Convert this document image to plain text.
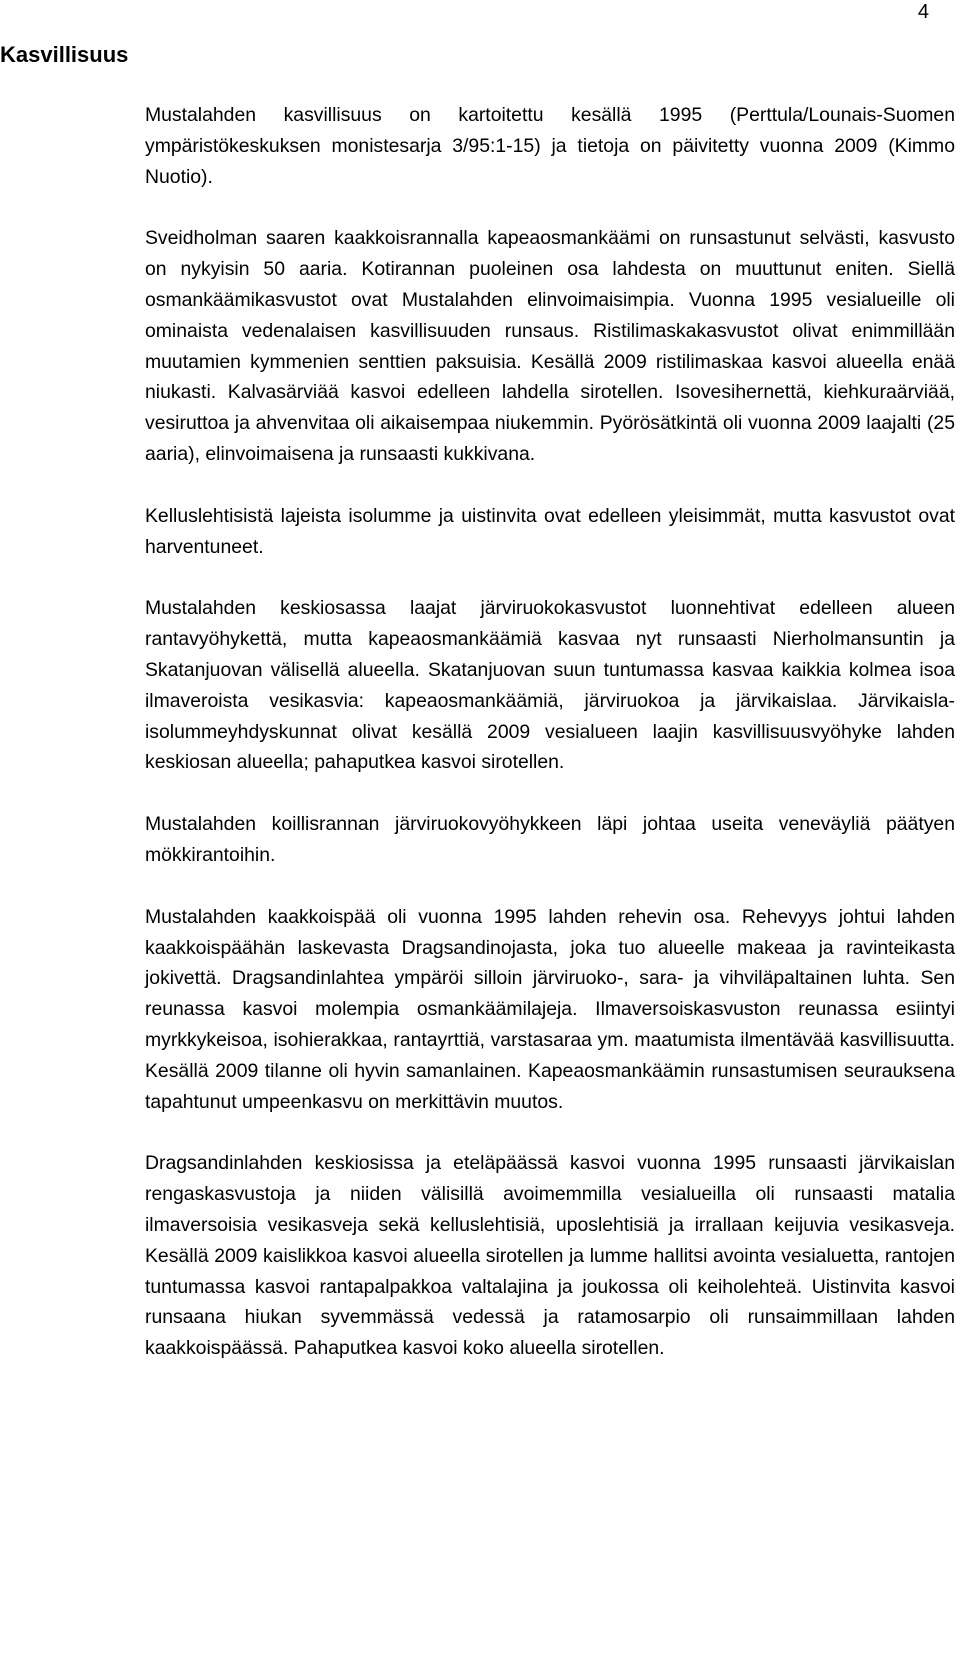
4
Kasvillisuus

Mustalahden kasvillisuus on kartoitettu kesällä 1995 (Perttula/Lounais-Suomen ympäristökeskuksen monistesarja 3/95:1-15) ja tietoja on päivitetty vuonna 2009 (Kimmo Nuotio).

Sveidholman saaren kaakkoisrannalla kapeaosmankäämi on runsastunut selvästi, kasvusto on nykyisin 50 aaria. Kotirannan puoleinen osa lahdesta on muuttunut eniten. Siellä osmankäämikasvustot ovat Mustalahden elinvoimaisimpia. Vuonna 1995 vesialueille oli ominaista vedenalaisen kasvillisuuden runsaus. Ristilimaskakasvustot olivat enimmillään muutamien kymmenien senttien paksuisia. Kesällä 2009 ristilimaskaa kasvoi alueella enää niukasti. Kalvasärviää kasvoi edelleen lahdella sirotellen. Isovesihernettä, kiehkuraärviää, vesiruttoa ja ahvenvitaa oli aikaisempaa niukemmin. Pyörösätkintä oli vuonna 2009 laajalti (25 aaria), elinvoimaisena ja runsaasti kukkivana.

Kelluslehtisistä lajeista isolumme ja uistinvita ovat edelleen yleisimmät, mutta kasvustot ovat harventuneet.

Mustalahden keskiosassa laajat järviruokokasvustot luonnehtivat edelleen alueen rantavyöhykettä, mutta kapeaosmankäämiä kasvaa nyt runsaasti Nierholmansuntin ja Skatanjuovan välisellä alueella. Skatanjuovan suun tuntumassa kasvaa kaikkia kolmea isoa ilmaveroista vesikasvia: kapeaosmankäämiä, järviruokoa ja järvikaislaa. Järvikaisla-isolummeyhdyskunnat olivat kesällä 2009 vesialueen laajin kasvillisuusvyöhyke lahden keskiosan alueella; pahaputkea kasvoi sirotellen.

Mustalahden koillisrannan järviruokovyöhykkeen läpi johtaa useita veneväyliä päätyen mökkirantoihin.

Mustalahden kaakkoispää oli vuonna 1995 lahden rehevin osa. Rehevyys johtui lahden kaakkoispäähän laskevasta Dragsandinojasta, joka tuo alueelle makeaa ja ravinteikasta jokivettä. Dragsandinlahtea ympäröi silloin järviruoko-, sara- ja vihviläpaltainen luhta. Sen reunassa kasvoi molempia osmankäämilajeja. Ilmaversoiskasvuston reunassa esiintyi myrkkykeisoa, isohierakkaa, rantayrttiä, varstasaraa ym. maatumista ilmentävää kasvillisuutta. Kesällä 2009 tilanne oli hyvin samanlainen. Kapeaosmankäämin runsastumisen seurauksena tapahtunut umpeenkasvu on merkittävin muutos.

Dragsandinlahden keskiosissa ja eteläpäässä kasvoi vuonna 1995 runsaasti järvikaislan rengaskasvustoja ja niiden välisillä avoimemmilla vesialueilla oli runsaasti matalia ilmaversoisia vesikasveja sekä kelluslehtisiä, uposlehtisiä ja irrallaan keijuvia vesikasveja. Kesällä 2009 kaislikkoa kasvoi alueella sirotellen ja lumme hallitsi avointa vesialuetta, rantojen tuntumassa kasvoi rantapalpakkoa valtalajina ja joukossa oli keiholehteä. Uistinvita kasvoi runsaana hiukan syvemmässä vedessä ja ratamosarpio oli runsaimmillaan lahden kaakkoispäässä. Pahaputkea kasvoi koko alueella sirotellen.
